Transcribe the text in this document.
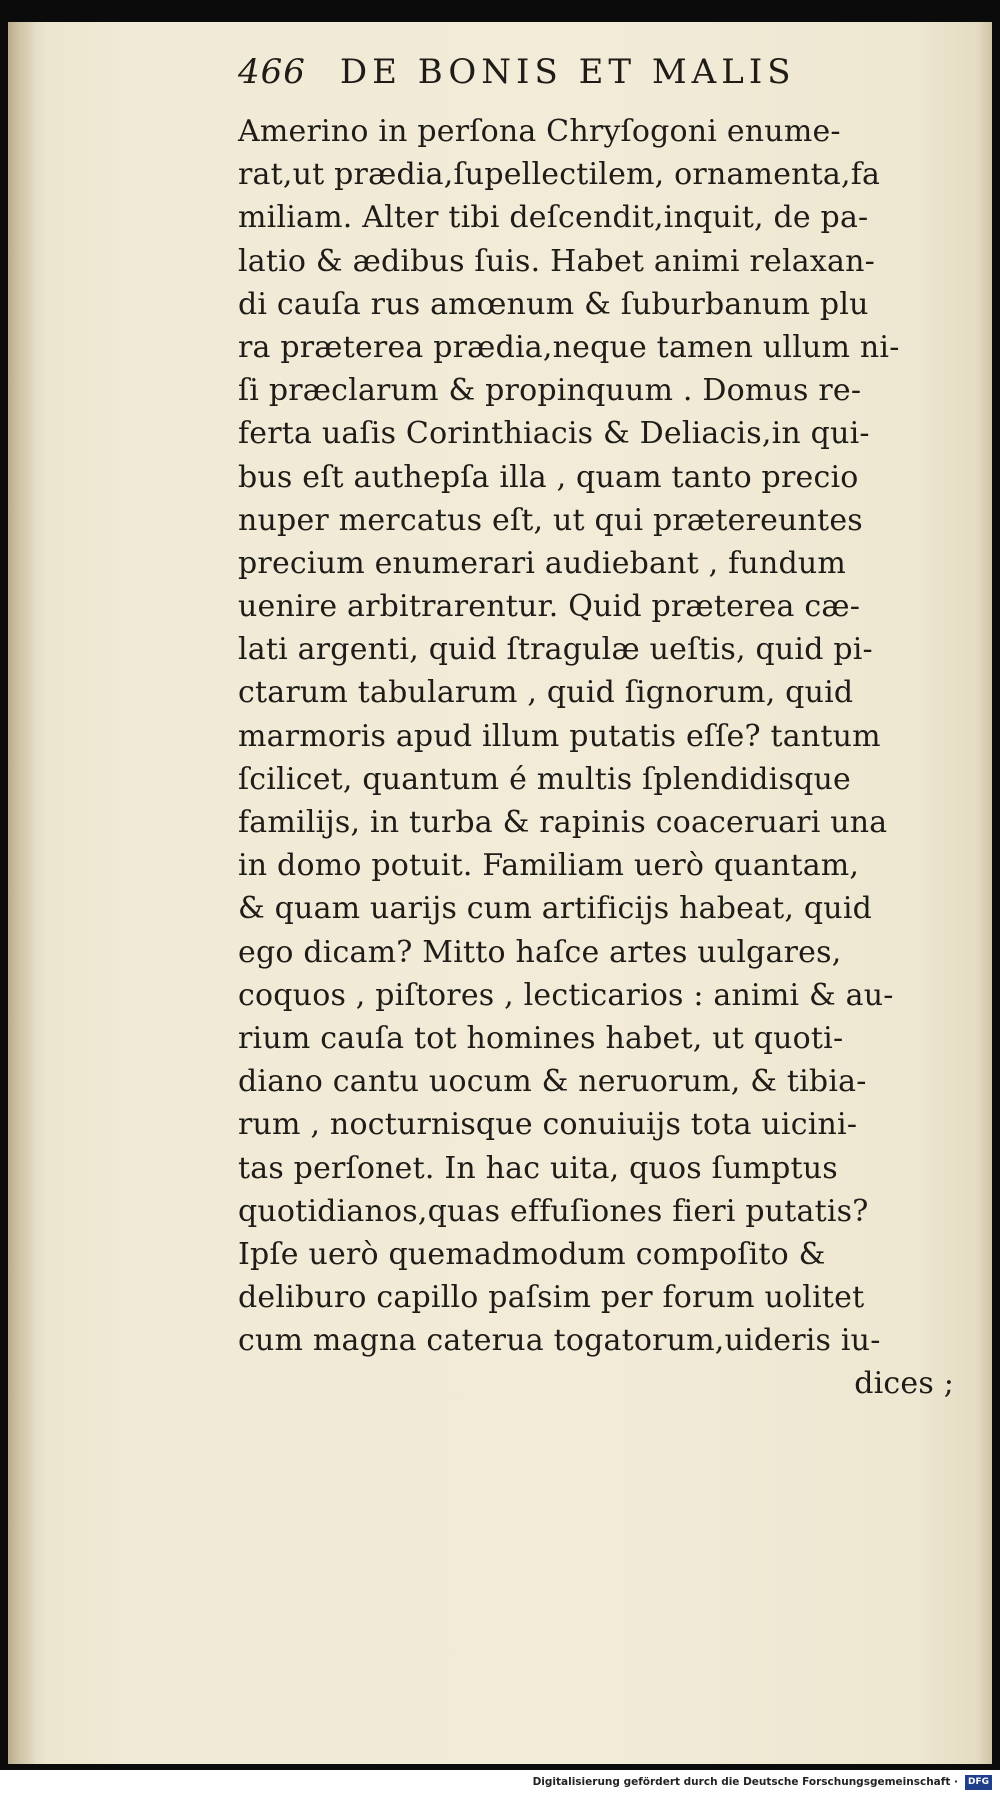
466 DE BONIS ET MALIS
Amerino in perſona Chryſogoni enume-
rat,ut prædia,ſupellectilem, ornamenta,fa
miliam. Alter tibi deſcendit,inquit, de pa-
latio & ædibus ſuis. Habet animi relaxan-
di cauſa rus amœnum & ſuburbanum plu
ra præterea prædia,neque tamen ullum ni-
ſi præclarum & propinquum . Domus re-
ferta uaſis Corinthiacis & Deliacis,in qui-
bus eſt authepſa illa , quam tanto precio
nuper mercatus eſt, ut qui prætereuntes
precium enumerari audiebant , fundum
uenire arbitrarentur. Quid præterea cæ-
lati argenti, quid ſtragulæ ueſtis, quid pi-
ctarum tabularum , quid ſignorum, quid
marmoris apud illum putatis eſſe? tantum
ſcilicet, quantum é multis ſplendidisque
familijs, in turba & rapinis coaceruari una
in domo potuit. Familiam uerò quantam,
& quam uarijs cum artificijs habeat, quid
ego dicam? Mitto haſce artes uulgares,
coquos , piſtores , lecticarios : animi & au-
rium cauſa tot homines habet, ut quoti-
diano cantu uocum & neruorum, & tibia-
rum , nocturnisque conuiuijs tota uicini-
tas perſonet. In hac uita, quos ſumptus
quotidianos,quas effuſiones fieri putatis?
Ipſe uerò quemadmodum compoſito &
deliburo capillo paſsim per forum uolitet
cum magna caterua togatorum,uideris iu-
dices ;
Digitalisierung gefördert durch die Deutsche Forschungsgemeinschaft ·	DFG
